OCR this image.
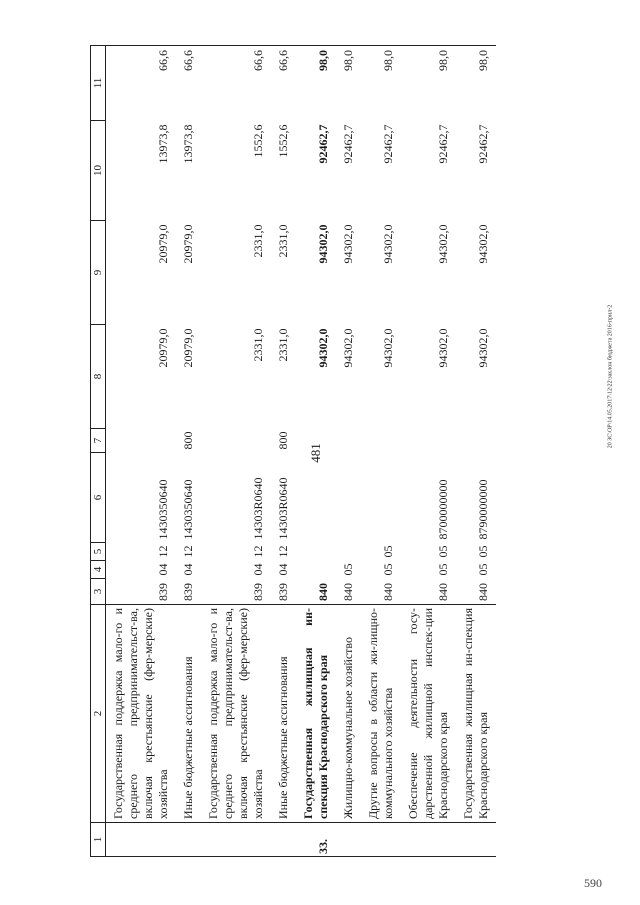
481
590
20 ЗС\ОР\14.05.2017\12\22\заклон бюджета 2016-прил-2
1	2	3	4	5	6	7	8	9	10	11
	Государственная поддержка мало-го и среднего предпринимательст-ва, включая крестьянские (фер-мерские) хозяйства	839	04	12	1430350640		20979,0	20979,0	13973,8	66,6
	Иные бюджетные ассигнования	839	04	12	1430350640	800	20979,0	20979,0	13973,8	66,6
	Государственная поддержка мало-го и среднего предпринимательст-ва, включая крестьянские (фер-мерские) хозяйства	839	04	12	14303R0640		2331,0	2331,0	1552,6	66,6
	Иные бюджетные ассигнования	839	04	12	14303R0640	800	2331,0	2331,0	1552,6	66,6
33.	Государственная жилищная ин-спекция Краснодарского края	840					94302,0	94302,0	92462,7	98,0
	Жилищно-коммунальное хозяйство	840	05				94302,0	94302,0	92462,7	98,0
	Другие вопросы в области жи-лищно-коммунального хозяйства	840	05	05			94302,0	94302,0	92462,7	98,0
	Обеспечение деятельности госу-дарственной жилищной инспек-ции Краснодарского края	840	05	05	8700000000		94302,0	94302,0	92462,7	98,0
	Государственная жилищная ин-спекция Краснодарского края	840	05	05	8790000000		94302,0	94302,0	92462,7	98,0
